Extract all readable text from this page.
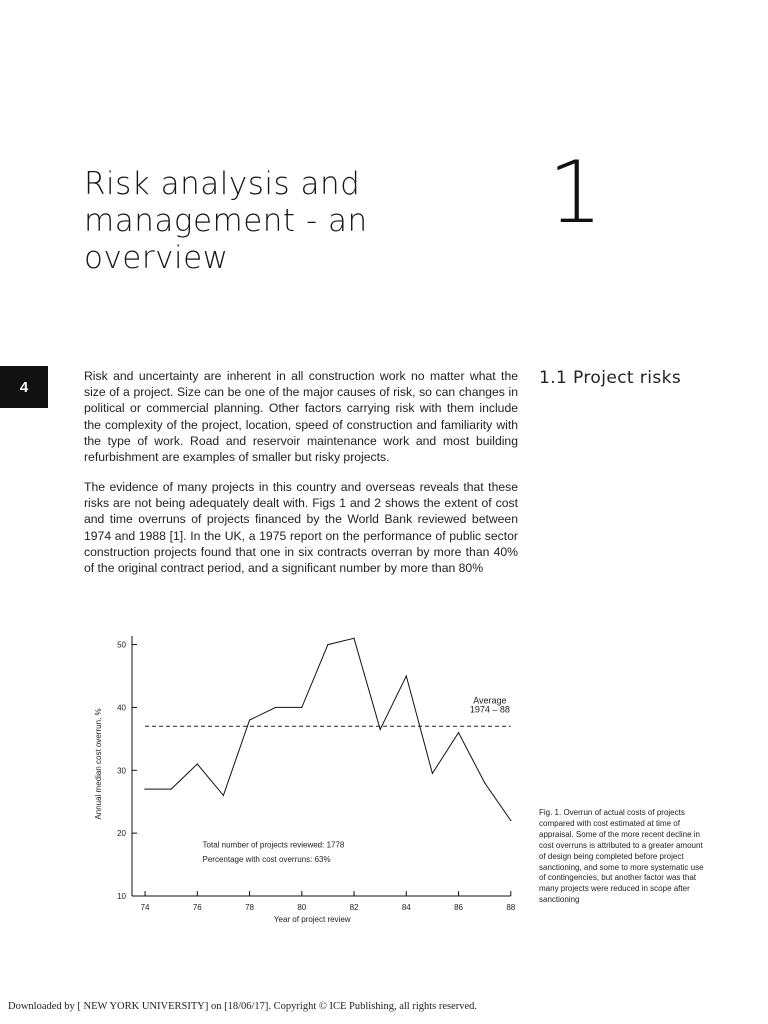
Risk analysis and
management - an
overview
1
4	1.1 Project risks

Risk and uncertainty are inherent in all construction work no matter what the size of a project. Size can be one of the major causes of risk, so can changes in political or commercial planning. Other factors carrying risk with them include the complexity of the project, location, speed of construction and familiarity with the type of work. Road and reservoir maintenance work and most building refurbishment are examples of smaller but risky projects.

The evidence of many projects in this country and overseas reveals that these risks are not being adequately dealt with. Figs 1 and 2 shows the extent of cost and time overruns of projects financed by the World Bank reviewed between 1974 and 1988 [1]. In the UK, a 1975 report on the performance of public sector construction projects found that one in six contracts overran by more than 40% of the original contract period, and a significant number by more than 80%

10
20
30
40
50
74	76	78	80	82	84	86	88
Average
1974 – 88
Total number of projects reviewed: 1778
Percentage with cost overruns: 63%
Year of project review
Annual median cost overrun, %	Fig. 1. Overrun of actual costs of projects compared with cost estimated at time of appraisal. Some of the more recent decline in cost overruns is attributed to a greater amount of design being completed before project sanctioning, and some to more systematic use of contingencies, but another factor was that many projects were reduced in scope after sanctioning

Downloaded by [ NEW YORK UNIVERSITY] on [18/06/17]. Copyright © ICE Publishing, all rights reserved.
